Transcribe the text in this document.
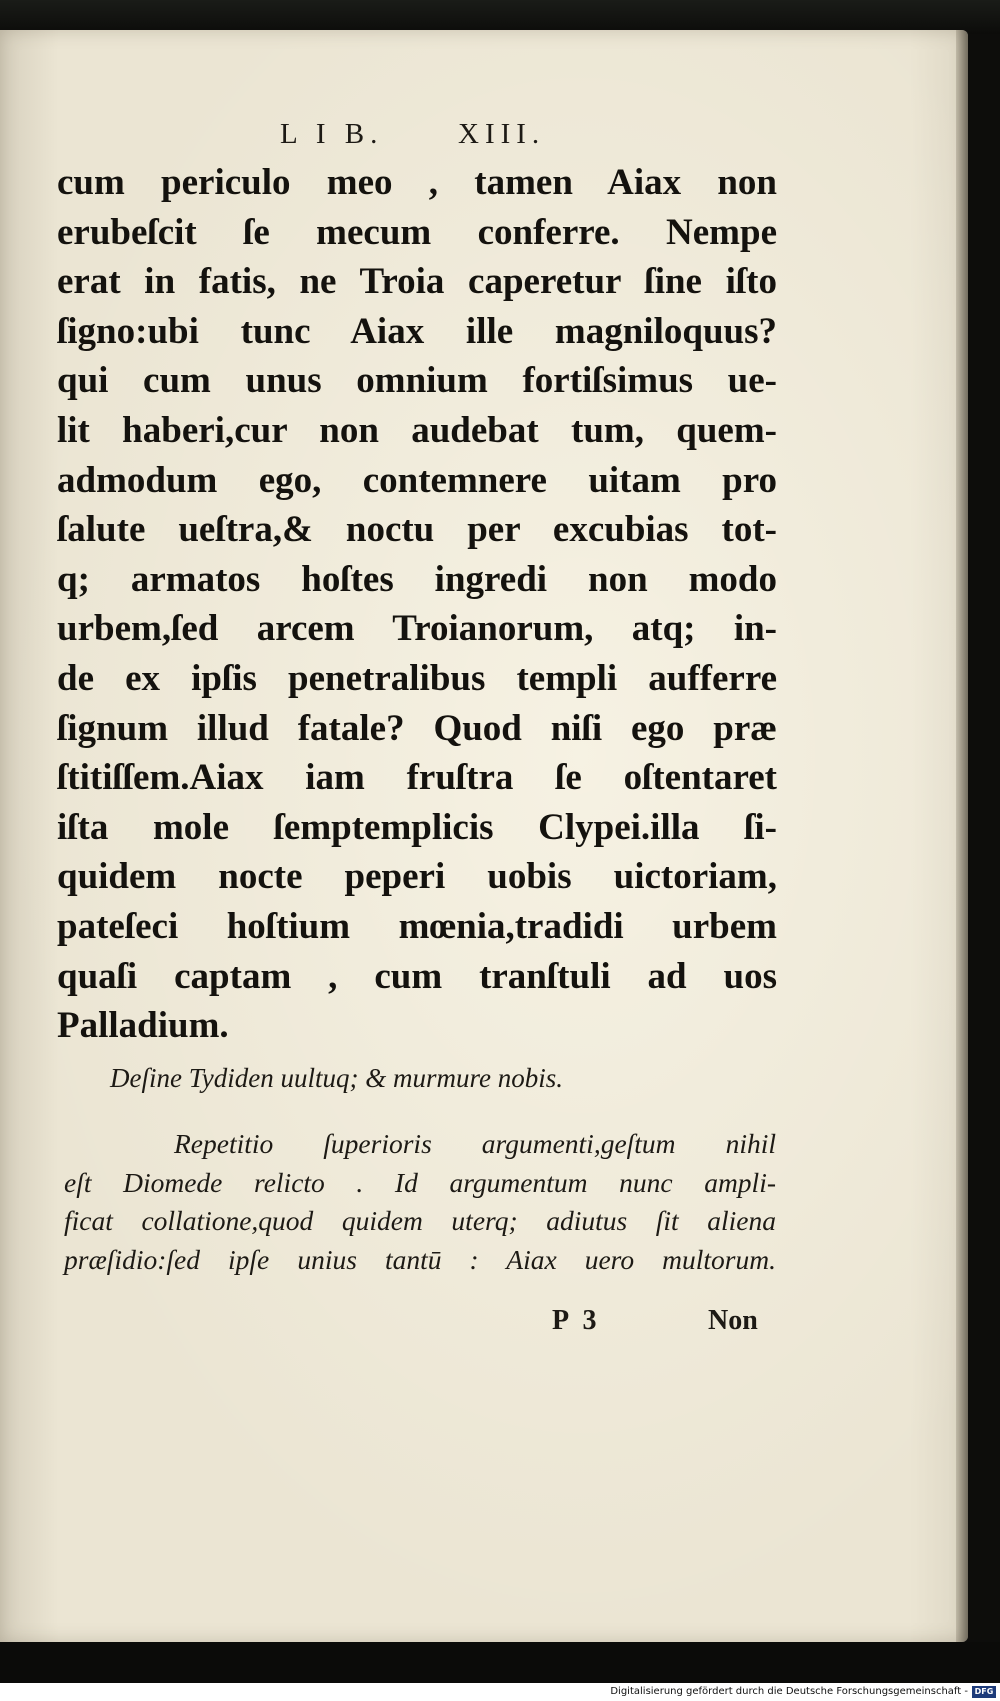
L I B.	XIII.
cum periculo meo , tamen Aiax non
erubeſcit ſe mecum conferre. Nempe
erat in fatis, ne Troia caperetur ſine iſto
ſigno:ubi tunc Aiax ille magniloquus?
qui cum unus omnium fortiſsimus ue-
lit haberi,cur non audebat tum, quem-
admodum ego, contemnere uitam pro
ſalute ueſtra,& noctu per excubias tot-
q; armatos hoſtes ingredi non modo
urbem,ſed arcem Troianorum, atq; in-
de ex ipſis penetralibus templi aufferre
ſignum illud fatale? Quod niſi ego præ
ſtitiſſem.Aiax iam fruſtra ſe oſtentaret
iſta mole ſemptemplicis Clypei.illa ſi-
quidem nocte peperi uobis uictoriam,
pateſeci hoſtium mœnia,tradidi urbem
quaſi captam , cum tranſtuli ad uos
Palladium.
Deſine Tydiden uultuq; & murmure nobis.
Repetitio ſuperioris argumenti,geſtum nihil
eſt Diomede relicto . Id argumentum nunc ampli-
ficat collatione,quod quidem uterq; adiutus ſit aliena
præſidio:ſed ipſe unius tantū : Aiax uero multorum.
P 3	Non
Digitalisierung gefördert durch die Deutsche Forschungsgemeinschaft - DFG
